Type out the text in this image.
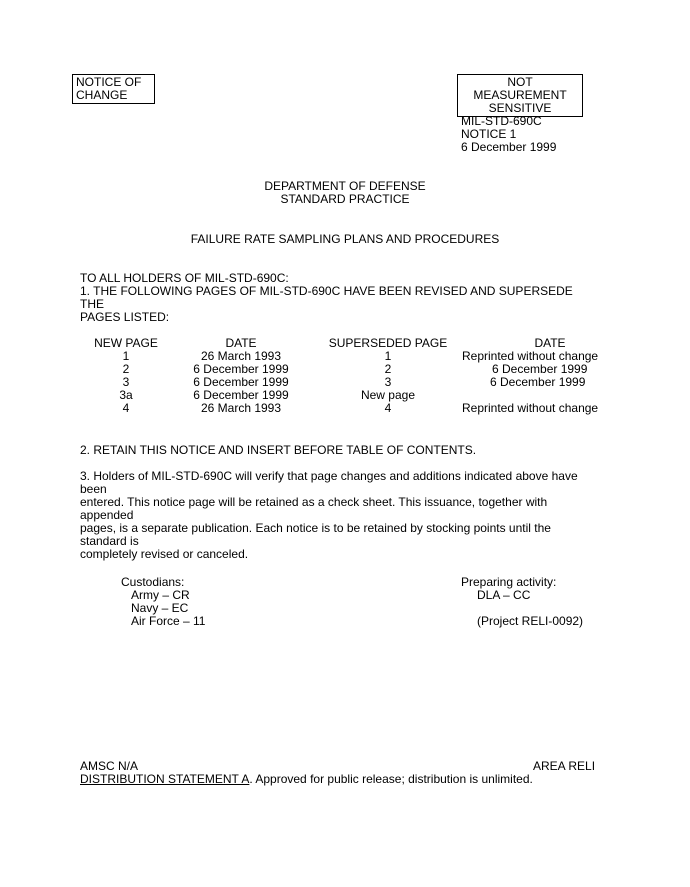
NOTICE OF
CHANGE
NOT MEASUREMENT
SENSITIVE
MIL-STD-690C
NOTICE 1
6 December 1999
DEPARTMENT OF DEFENSE
STANDARD PRACTICE
FAILURE RATE SAMPLING PLANS AND PROCEDURES
TO ALL HOLDERS OF MIL-STD-690C:
1. THE FOLLOWING PAGES OF MIL-STD-690C HAVE BEEN REVISED AND SUPERSEDE THE
PAGES LISTED:
NEW PAGE	DATE	SUPERSEDED PAGE	DATE
1	26 March 1993	1	Reprinted without change
2	6 December 1999	2	6 December 1999
3	6 December 1999	3	6 December 1999
3a	6 December 1999	New page	
4	26 March 1993	4	Reprinted without change
2. RETAIN THIS NOTICE AND INSERT BEFORE TABLE OF CONTENTS.
3. Holders of MIL-STD-690C will verify that page changes and additions indicated above have been
entered. This notice page will be retained as a check sheet. This issuance, together with appended
pages, is a separate publication. Each notice is to be retained by stocking points until the standard is
completely revised or canceled.
Custodians:
Army – CR
Navy – EC
Air Force – 11
Preparing activity:
DLA – CC
(Project RELI-0092)
AMSC N/A	AREA RELI
DISTRIBUTION STATEMENT A. Approved for public release; distribution is unlimited.
